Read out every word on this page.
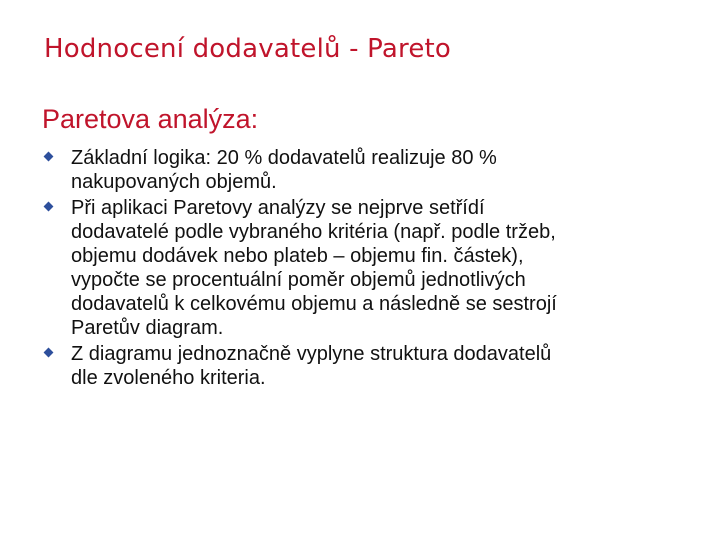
Hodnocení dodavatelů - Pareto
Paretova analýza:
Základní logika: 20 % dodavatelů realizuje 80 %
nakupovaných objemů.
Při aplikaci Paretovy analýzy se nejprve setřídí
dodavatelé podle vybraného kritéria (např. podle tržeb,
objemu dodávek nebo plateb – objemu fin. částek),
vypočte se procentuální poměr objemů jednotlivých
dodavatelů k celkovému objemu a následně se sestrojí
Paretův diagram.
Z diagramu jednoznačně vyplyne struktura dodavatelů
dle zvoleného kriteria.
